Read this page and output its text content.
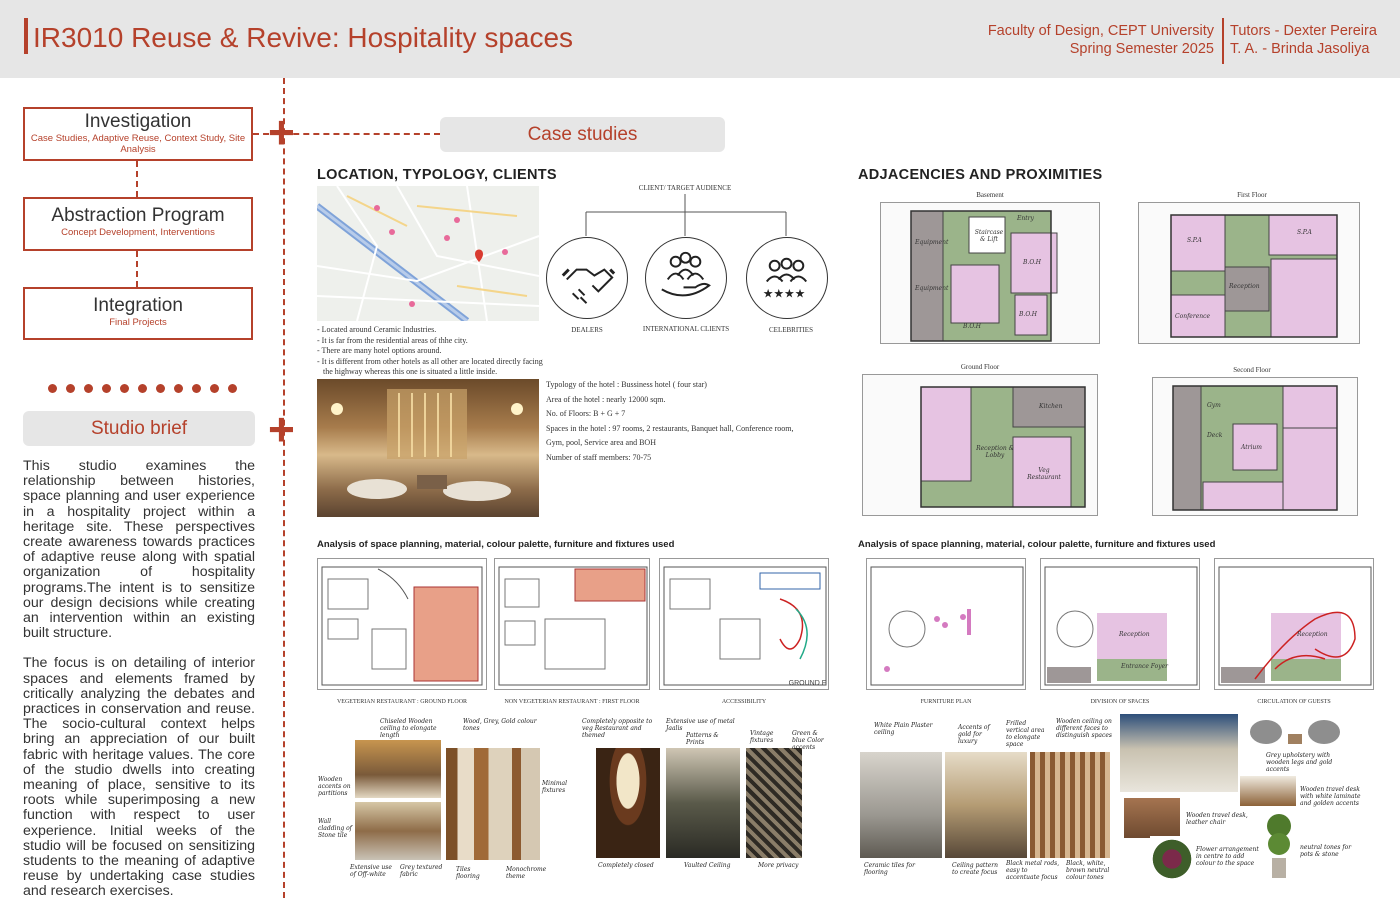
IR3010 Reuse & Revive: Hospitality spaces	Faculty of Design, CEPT University
Spring Semester 2025
Tutors - Dexter Pereira
T. A. - Brinda Jasoliya
Investigation
Case Studies, Adaptive Reuse, Context Study, Site Analysis
Abstraction Program
Concept Development, Interventions
Integration
Final Projects
+
+
Studio brief

This studio examines the relationship between histories, space planning and user experience in a hospitality project within a heritage site. These perspectives create awareness towards practices of adaptive reuse along with spatial organization of hospitality programs.The intent is to sensitize our design decisions while creating an intervention within an existing built structure.

The focus is on detailing of interior spaces and elements framed by critically analyzing the debates and practices in conservation and reuse. The socio-cultural context helps bring an appreciation of our built fabric with heritage values. The core of the studio dwells into creating meaning of place, sensitive to its roots while superimposing a new function with respect to user experience. Initial weeks of the studio will be focused on sensitizing students to the meaning of adaptive reuse by undertaking case studies and research exercises.

Case studies
LOCATION, TYPOLOGY, CLIENTS	ADJACENCIES AND PROXIMITIES
- Located around Ceramic Industries.
- It is far from the residential areas of thhe city.
- There are many hotel options around.
- It is different from other hotels as all other are located directly facing
the highway whereas this one is situated a little inside.
CLIENT/ TARGET AUDIENCE
★★★★
DEALERS	INTERNATIONAL CLIENTS	CELEBRITIES
Typology of the hotel : Bussiness hotel ( four star)
Area of the hotel : nearly 12000 sqm.
No. of Floors: B + G + 7
Spaces in the hotel : 97 rooms, 2 restaurants, Banquet hall, Conference room,
Gym, pool, Service area and BOH
Number of staff members: 70-75
Basement
Equipment
Equipment
Entry
Staircase & Lift
B.O.H
B.O.H
B.O.H
First Floor
S.P.A
S.P.A
Reception
Conference
Ground Floor
Kitchen
Reception & Lobby
Veg Restaurant
Second Floor
Gym
Deck
Atrium
Analysis of space planning, material, colour palette, furniture and fixtures used	Analysis of space planning, material, colour palette, furniture and fixtures used
GROUND F
VEGETERIAN RESTAURANT : GROUND FLOOR	NON VEGETERIAN RESTAURANT : FIRST FLOOR	ACCESSIBILITY
Reception
Entrance Foyer
Reception
FURNITURE PLAN	DIVISION OF SPACES	CIRCULATION OF GUESTS
Chiseled Wooden ceiling to elongate length
Wood, Grey, Gold colour tones
Wooden accents on partitions
Minimal fixtures
Wall cladding of Stone tile
Extensive use of Off-white
Grey textured fabric
Tiles flooring
Monochrome theme
Completely opposite to veg Restaurant and themed
Extensive use of metal Jaalis
Patterns & Prints
Vintage fixtures
Green & blue Color accents
Completely closed	Vaulted Ceiling	More privacy
White Plain Plaster ceiling
Accents of gold for luxury
Frilled vertical area to elongate space
Wooden ceiling on different faces to distinguish spaces
Grey upholstery with wooden legs and gold accents
Wooden travel desk with white laminate and golden accents
Wooden travel desk, leather chair
Flower arrangement in centre to add colour to the space
neutral tones for pots & stone
Ceramic tiles for flooring
Ceiling pattern to create focus
Black metal rods, easy to accentuate focus
Black, white, brown neutral colour tones
